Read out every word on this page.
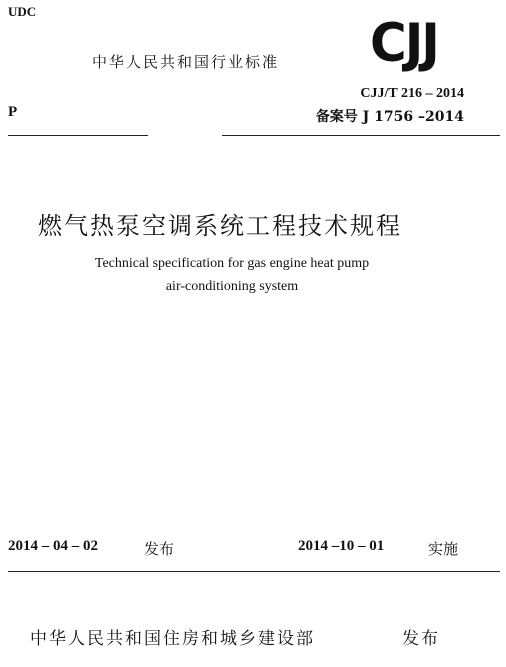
UDC
中华人民共和国行业标准 CJJ
P
CJJ/T 216 – 2014
备案号 J 1756 –2014
燃气热泵空调系统工程技术规程
Technical specification for gas engine heat pump
air-conditioning system
2014 – 04 – 02	发布	2014 –10 – 01	实施
中华人民共和国住房和城乡建设部	发布
